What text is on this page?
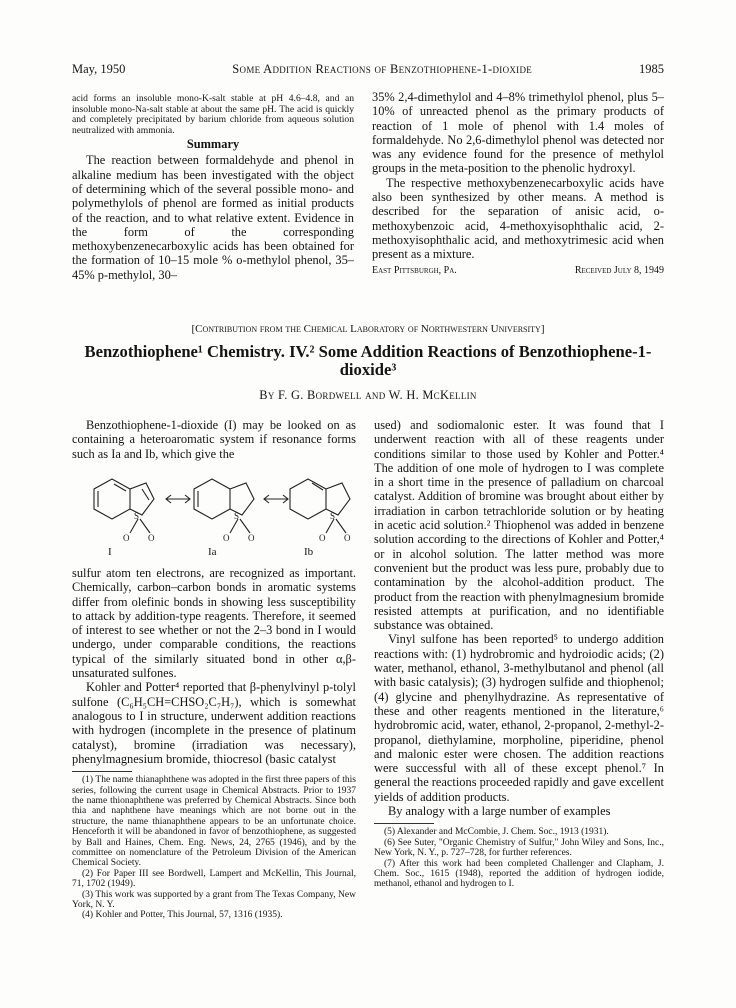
May, 1950	Some Addition Reactions of Benzothiophene-1-dioxide	1985

acid forms an insoluble mono-K-salt stable at pH 4.6–4.8, and an insoluble mono-Na-salt stable at about the same pH. The acid is quickly and completely precipitated by barium chloride from aqueous solution neutralized with ammonia.

Summary

The reaction between formaldehyde and phenol in alkaline medium has been investigated with the object of determining which of the several possible mono- and polymethylols of phenol are formed as initial products of the reaction, and to what relative extent. Evidence in the form of the corresponding methoxybenzenecarboxylic acids has been obtained for the formation of 10–15 mole % o-methylol phenol, 35–45% p-methylol, 30–

35% 2,4-dimethylol and 4–8% trimethylol phenol, plus 5–10% of unreacted phenol as the primary products of reaction of 1 mole of phenol with 1.4 moles of formaldehyde. No 2,6-dimethylol phenol was detected nor was any evidence found for the presence of methylol groups in the meta-position to the phenolic hydroxyl.

The respective methoxybenzenecarboxylic acids have also been synthesized by other means. A method is described for the separation of anisic acid, o-methoxybenzoic acid, 4-methoxyisophthalic acid, 2-methoxyisophthalic acid, and methoxytrimesic acid when present as a mixture.

East Pittsburgh, Pa.	Received July 8, 1949
[Contribution from the Chemical Laboratory of Northwestern University]
Benzothiophene¹ Chemistry. IV.² Some Addition Reactions of Benzothiophene-1-dioxide³
By F. G. Bordwell and W. H. McKellin

Benzothiophene-1-dioxide (I) may be looked on as containing a heteroaromatic system if resonance forms such as Ia and Ib, which give the

S
O O
S
O O
S
O O
I	Ia	Ib

sulfur atom ten electrons, are recognized as important. Chemically, carbon–carbon bonds in aromatic systems differ from olefinic bonds in showing less susceptibility to attack by addition-type reagents. Therefore, it seemed of interest to see whether or not the 2–3 bond in I would undergo, under comparable conditions, the reactions typical of the similarly situated bond in other α,β-unsaturated sulfones.

Kohler and Potter⁴ reported that β-phenylvinyl p-tolyl sulfone (C₆H₅CH=CHSO₂C₇H₇), which is somewhat analogous to I in structure, underwent addition reactions with hydrogen (incomplete in the presence of platinum catalyst), bromine (irradiation was necessary), phenylmagnesium bromide, thiocresol (basic catalyst

(1) The name thianaphthene was adopted in the first three papers of this series, following the current usage in Chemical Abstracts. Prior to 1937 the name thionaphthene was preferred by Chemical Abstracts. Since both thia and naphthene have meanings which are not borne out in the structure, the name thianaphthene appears to be an unfortunate choice. Henceforth it will be abandoned in favor of benzothiophene, as suggested by Ball and Haines, Chem. Eng. News, 24, 2765 (1946), and by the committee on nomenclature of the Petroleum Division of the American Chemical Society.

(2) For Paper III see Bordwell, Lampert and McKellin, This Journal, 71, 1702 (1949).

(3) This work was supported by a grant from The Texas Company, New York, N. Y.

(4) Kohler and Potter, This Journal, 57, 1316 (1935).

used) and sodiomalonic ester. It was found that I underwent reaction with all of these reagents under conditions similar to those used by Kohler and Potter.⁴ The addition of one mole of hydrogen to I was complete in a short time in the presence of palladium on charcoal catalyst. Addition of bromine was brought about either by irradiation in carbon tetrachloride solution or by heating in acetic acid solution.² Thiophenol was added in benzene solution according to the directions of Kohler and Potter,⁴ or in alcohol solution. The latter method was more convenient but the product was less pure, probably due to contamination by the alcohol-addition product. The product from the reaction with phenylmagnesium bromide resisted attempts at purification, and no identifiable substance was obtained.

Vinyl sulfone has been reported⁵ to undergo addition reactions with: (1) hydrobromic and hydroiodic acids; (2) water, methanol, ethanol, 3-methylbutanol and phenol (all with basic catalysis); (3) hydrogen sulfide and thiophenol; (4) glycine and phenylhydrazine. As representative of these and other reagents mentioned in the literature,⁶ hydrobromic acid, water, ethanol, 2-propanol, 2-methyl-2-propanol, diethylamine, morpholine, piperidine, phenol and malonic ester were chosen. The addition reactions were successful with all of these except phenol.⁷ In general the reactions proceeded rapidly and gave excellent yields of addition products.

By analogy with a large number of examples

(5) Alexander and McCombie, J. Chem. Soc., 1913 (1931).

(6) See Suter, "Organic Chemistry of Sulfur," John Wiley and Sons, Inc., New York, N. Y., p. 727–728, for further references.

(7) After this work had been completed Challenger and Clapham, J. Chem. Soc., 1615 (1948), reported the addition of hydrogen iodide, methanol, ethanol and hydrogen to I.
